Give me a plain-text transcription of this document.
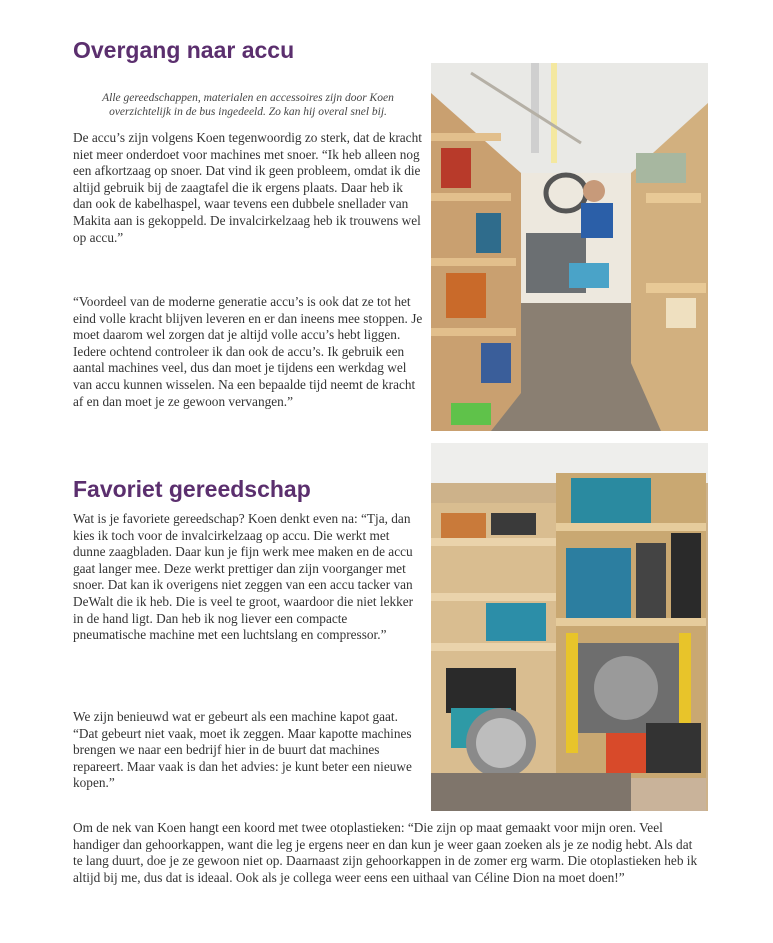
Overgang naar accu
Alle gereedschappen, materialen en accessoires zijn door Koen overzichtelijk in de bus ingedeeld. Zo kan hij overal snel bij.

De accu’s zijn volgens Koen tegenwoordig zo sterk, dat de kracht niet meer onderdoet voor machines met snoer. “Ik heb alleen nog een afkortzaag op snoer. Dat vind ik geen probleem, omdat ik die altijd gebruik bij de zaagtafel die ik ergens plaats. Daar heb ik dan ook de kabelhaspel, waar tevens een dubbele snellader van Makita aan is gekoppeld. De invalcirkelzaag heb ik trouwens wel op accu.”

“Voordeel van de moderne generatie accu’s is ook dat ze tot het eind volle kracht blijven leveren en er dan ineens mee stoppen. Je moet daarom wel zorgen dat je altijd volle accu’s hebt liggen. Iedere ochtend controleer ik dan ook de accu’s. Ik gebruik een aantal machines veel, dus dan moet je tijdens een werkdag wel van accu kunnen wisselen. Na een bepaalde tijd neemt de kracht af en dan moet je ze gewoon vervangen.”

Favoriet gereedschap

Wat is je favoriete gereedschap? Koen denkt even na: “Tja, dan kies ik toch voor de invalcirkelzaag op accu. Die werkt met dunne zaagbladen. Daar kun je fijn werk mee maken en de accu gaat langer mee. Deze werkt prettiger dan zijn voorganger met snoer. Dat kan ik overigens niet zeggen van een accu tacker van DeWalt die ik heb. Die is veel te groot, waardoor die niet lekker in de hand ligt. Dan heb ik nog liever een compacte pneumatische machine met een luchtslang en compressor.”

We zijn benieuwd wat er gebeurt als een machine kapot gaat. “Dat gebeurt niet vaak, moet ik zeggen. Maar kapotte machines brengen we naar een bedrijf hier in de buurt dat machines repareert. Maar vaak is dan het advies: je kunt beter een nieuwe kopen.”

Om de nek van Koen hangt een koord met twee otoplastieken: “Die zijn op maat gemaakt voor mijn oren. Veel handiger dan gehoorkappen, want die leg je ergens neer en dan kun je weer gaan zoeken als je ze nodig hebt. Als dat te lang duurt, doe je ze gewoon niet op. Daarnaast zijn gehoorkappen in de zomer erg warm. Die otoplastieken heb ik altijd bij me, dus dat is ideaal. Ook als je collega weer eens een uithaal van Céline Dion na moet doen!”
